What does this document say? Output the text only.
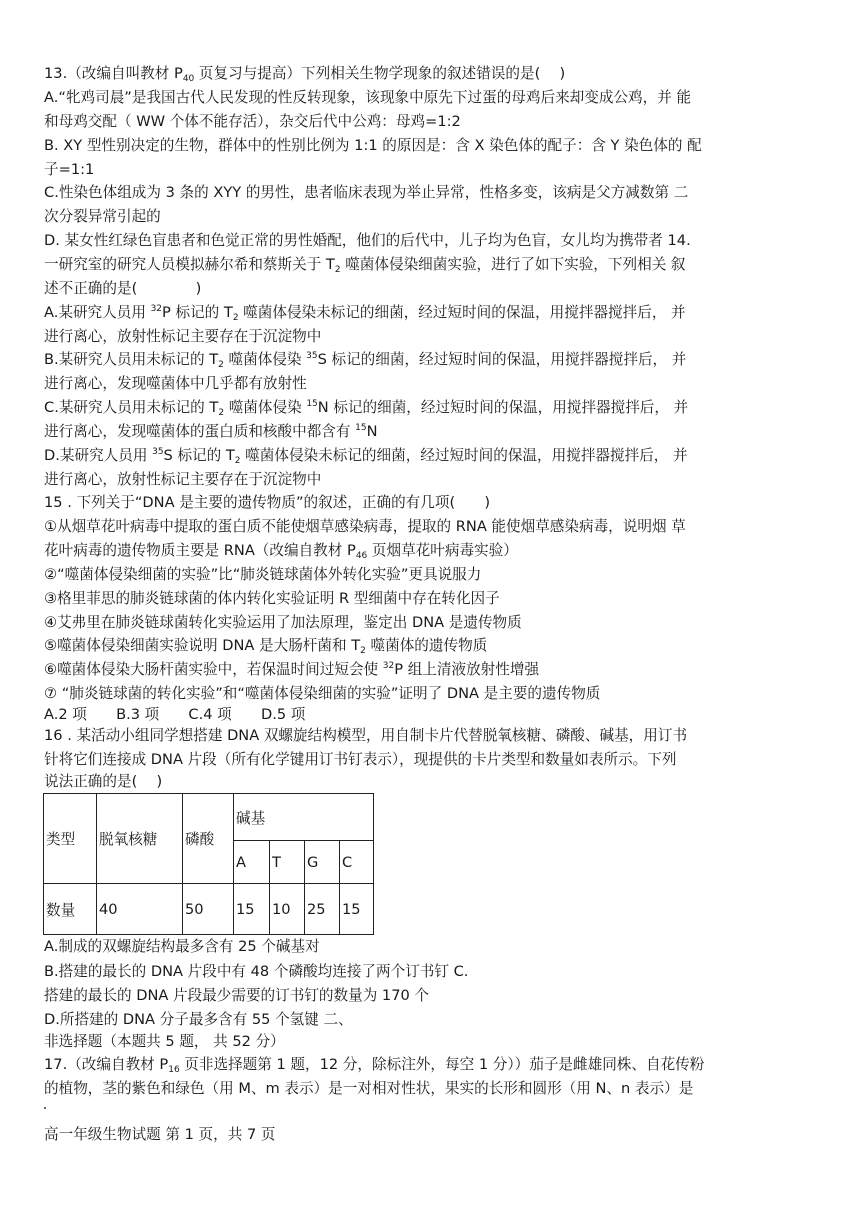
13.（改编自叫教材 $P_{40}$ 页复习与提高）下列相关生物学现象的叙述错误的是(　 )
A.“牝鸡司晨”是我国古代人民发现的性反转现象，该现象中原先下过蛋的母鸡后来却变成公鸡，并 能
和母鸡交配（ WW 个体不能存活），杂交后代中公鸡：母鸡=1:2
B. XY 型性别决定的生物，群体中的性别比例为 1:1 的原因是：含 X 染色体的配子：含 Y 染色体的 配
子=1:1
C.性染色体组成为 3 条的 XYY 的男性，患者临床表现为举止异常，性格多变，该病是父方减数第 二
次分裂异常引起的
D. 某女性红绿色盲患者和色觉正常的男性婚配，他们的后代中，儿子均为色盲，女儿均为携带者 14.
一研究室的研究人员模拟赫尔希和蔡斯关于 $T_2$ 噬菌体侵染细菌实验，进行了如下实验，下列相关 叙
述不正确的是(　　　　)
A.某研究人员用 $^{32}$P 标记的 $T_2$ 噬菌体侵染未标记的细菌，经过短时间的保温，用搅拌器搅拌后， 并
进行离心，放射性标记主要存在于沉淀物中
B.某研究人员用未标记的 $T_2$ 噬菌体侵染 $^{35}$S 标记的细菌，经过短时间的保温，用搅拌器搅拌后， 并
进行离心，发现噬菌体中几乎都有放射性
C.某研究人员用未标记的 $T_2$ 噬菌体侵染 $^{15}$N 标记的细菌，经过短时间的保温，用搅拌器搅拌后， 并
进行离心，发现噬菌体的蛋白质和核酸中都含有 $^{15}$N
D.某研究人员用 $^{35}$S 标记的 $T_2$ 噬菌体侵染未标记的细菌，经过短时间的保温，用搅拌器搅拌后， 并
进行离心，放射性标记主要存在于沉淀物中
15 . 下列关于“DNA 是主要的遗传物质”的叙述，正确的有几项(　　)
①从烟草花叶病毒中提取的蛋白质不能使烟草感染病毒，提取的 RNA 能使烟草感染病毒，说明烟 草
花叶病毒的遗传物质主要是 RNA（改编自教材 $P_{46}$ 页烟草花叶病毒实验）
②“噬菌体侵染细菌的实验”比“肺炎链球菌体外转化实验”更具说服力
③格里菲思的肺炎链球菌的体内转化实验证明 R 型细菌中存在转化因子
④艾弗里在肺炎链球菌转化实验运用了加法原理，鉴定出 DNA 是遗传物质
⑤噬菌体侵染细菌实验说明 DNA 是大肠杆菌和 $T_2$ 噬菌体的遗传物质
⑥噬菌体侵染大肠杆菌实验中，若保温时间过短会使 $^{32}$P 组上清液放射性增强
⑦ “肺炎链球菌的转化实验”和“噬菌体侵染细菌的实验”证明了 DNA 是主要的遗传物质
A.2 项　　B.3 项　　C.4 项　　D.5 项
16 . 某活动小组同学想搭建 DNA 双螺旋结构模型，用自制卡片代替脱氧核糖、磷酸、碱基，用订书
针将它们连接成 DNA 片段（所有化学键用订书钉表示），现提供的卡片类型和数量如表所示。下列
说法正确的是(　 )
类型	脱氧核糖	磷酸	碱基			
			A	T	G	C
数量	40	50	15	10	25	15
A.制成的双螺旋结构最多含有 25 个碱基对
B.搭建的最长的 DNA 片段中有 48 个磷酸均连接了两个订书钉 C.
搭建的最长的 DNA 片段最少需要的订书钉的数量为 170 个
D.所搭建的 DNA 分子最多含有 55 个氢键 二、
非选择题（本题共 5 题， 共 52 分）
17.（改编自教材 $P_{16}$ 页非选择题第 1 题，12 分，除标注外，每空 1 分））茄子是雌雄同株、自花传粉
的植物，茎的紫色和绿色（用 M、m 表示）是一对相对性状，果实的长形和圆形（用 N、n 表示）是
高一年级生物试题 第 1 页，共 7 页
